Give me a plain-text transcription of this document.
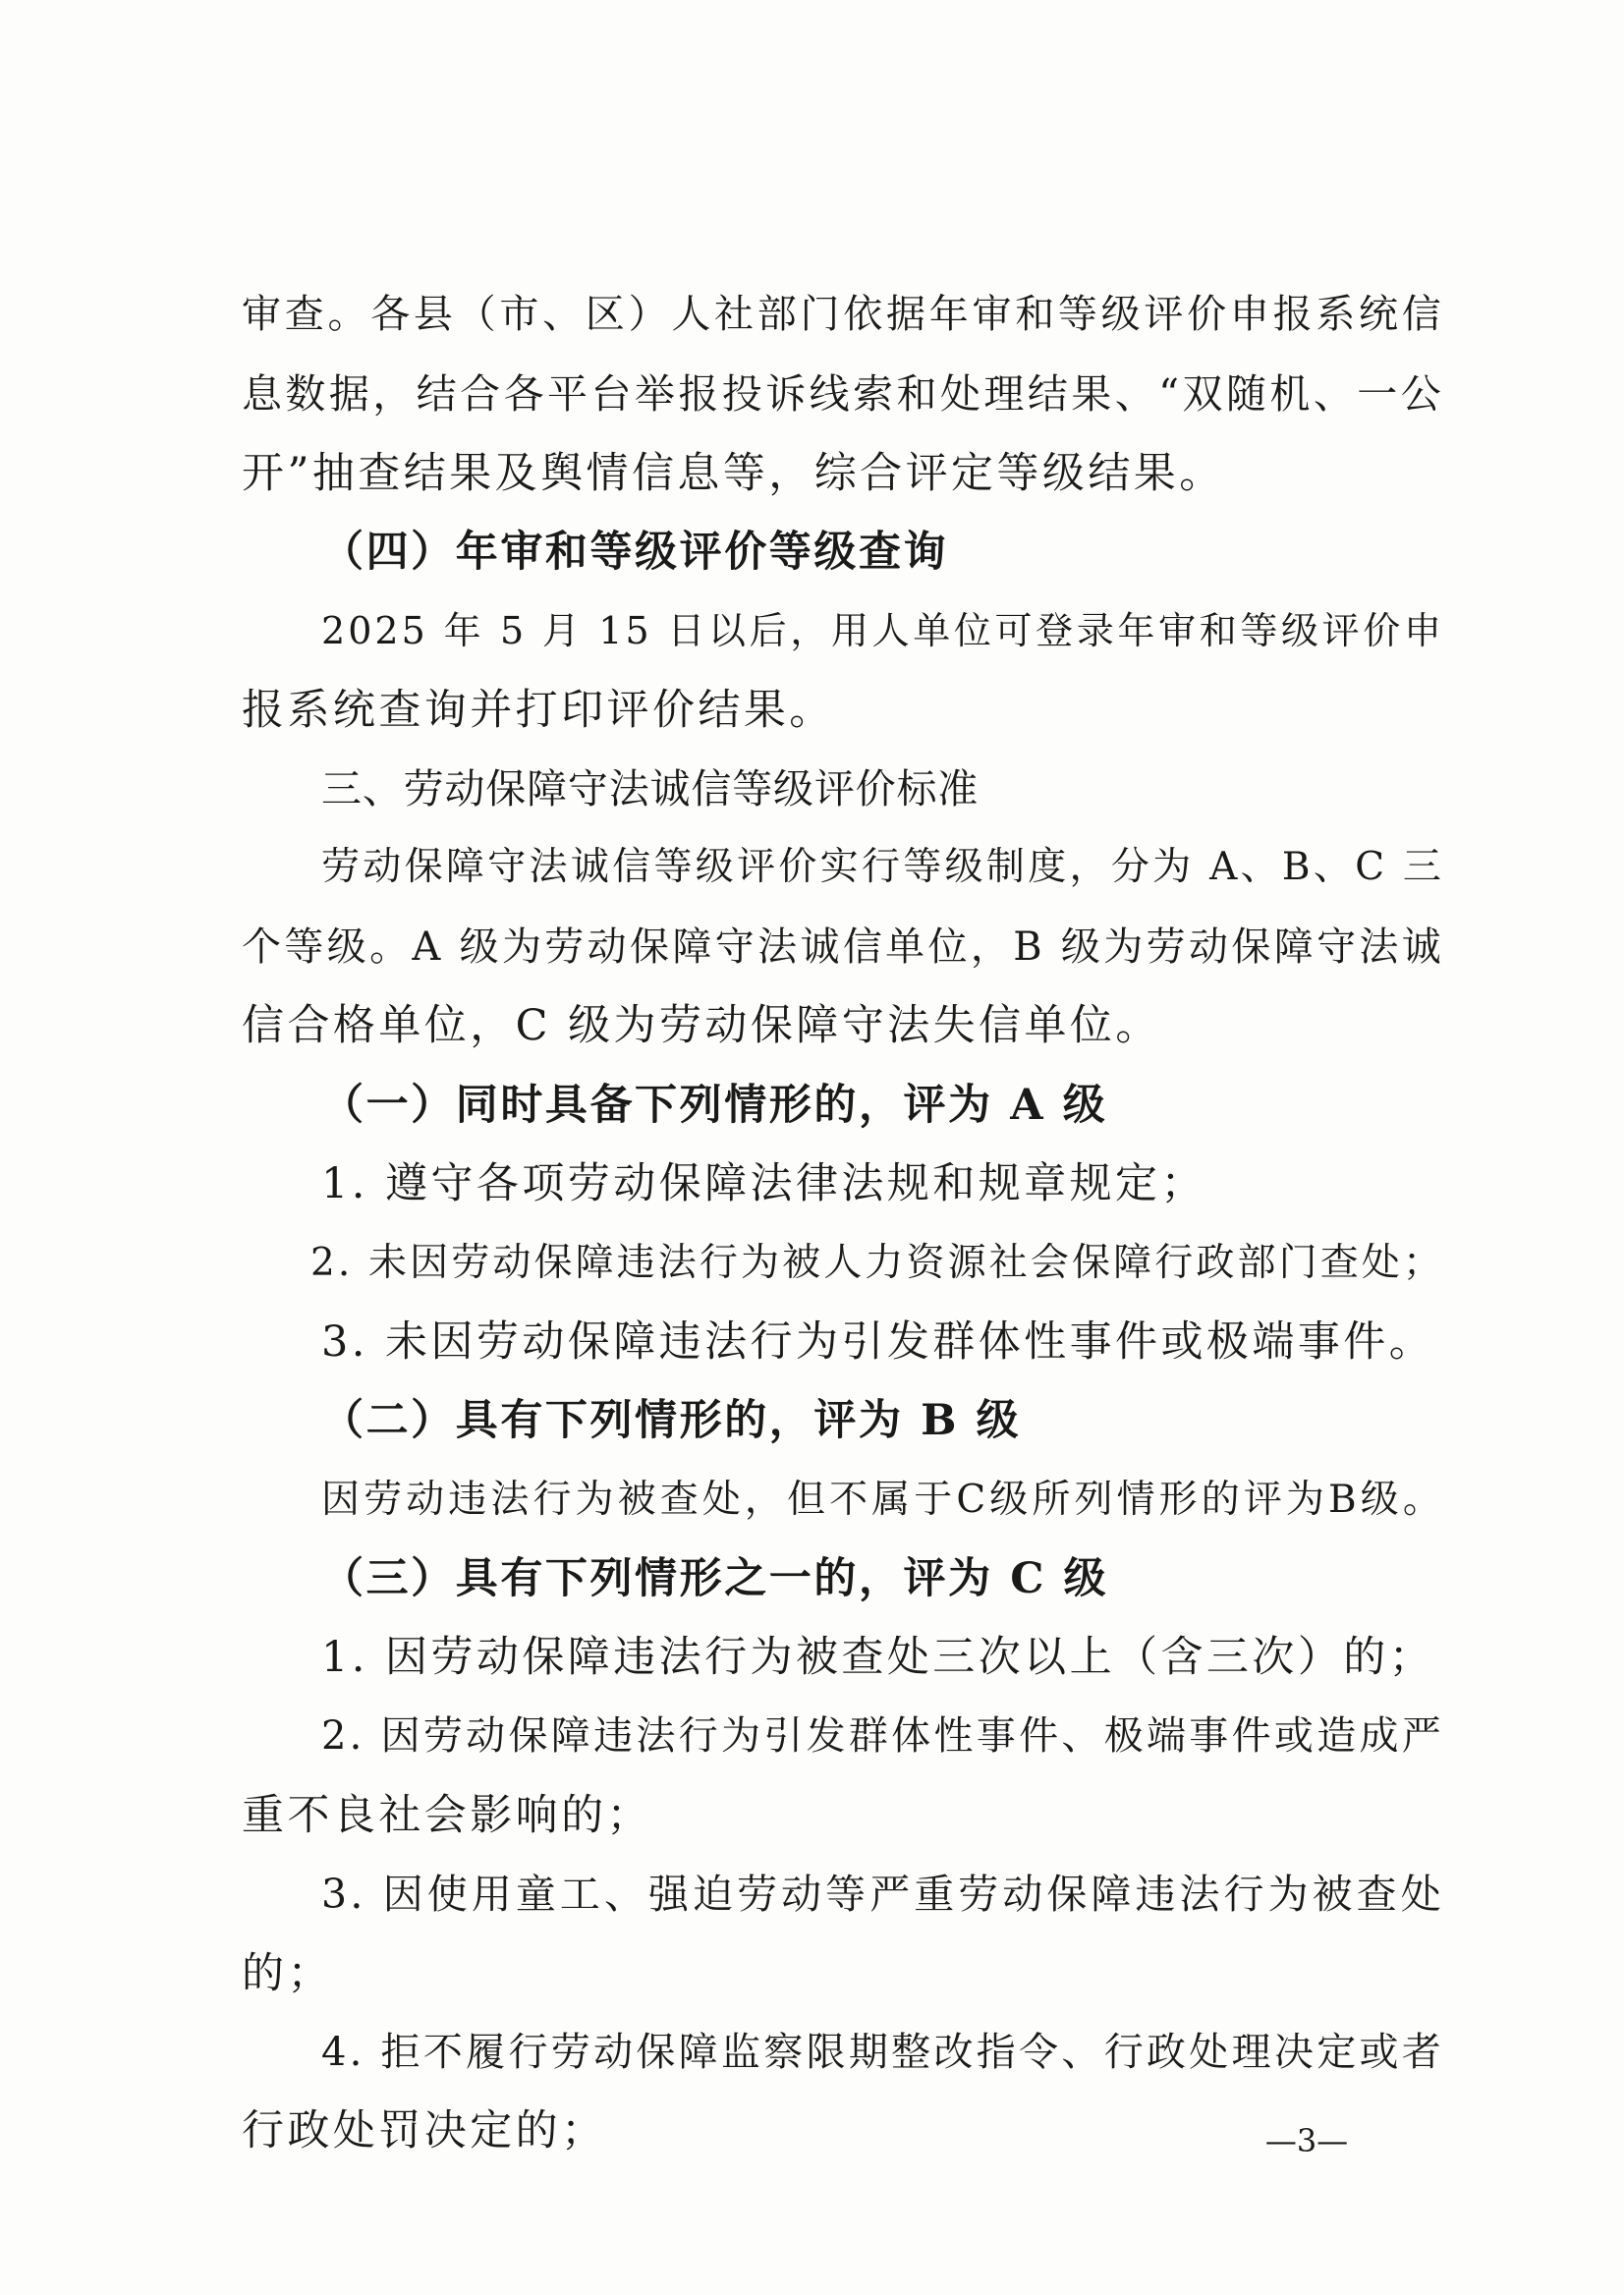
审查。各县（市、区）人社部门依据年审和等级评价申报系统信

息数据，结合各平台举报投诉线索和处理结果、“双随机、一公

开”抽查结果及舆情信息等，综合评定等级结果。

（四）年审和等级评价等级查询

2025 年 5 月 15 日以后，用人单位可登录年审和等级评价申

报系统查询并打印评价结果。

三、劳动保障守法诚信等级评价标准

劳动保障守法诚信等级评价实行等级制度，分为 A、B、C 三

个等级。A 级为劳动保障守法诚信单位，B 级为劳动保障守法诚

信合格单位，C 级为劳动保障守法失信单位。

（一）同时具备下列情形的，评为 A 级

1. 遵守各项劳动保障法律法规和规章规定；

2. 未因劳动保障违法行为被人力资源社会保障行政部门查处；

3. 未因劳动保障违法行为引发群体性事件或极端事件。

（二）具有下列情形的，评为 B 级

因劳动违法行为被查处，但不属于C级所列情形的评为B级。

（三）具有下列情形之一的，评为 C 级

1. 因劳动保障违法行为被查处三次以上（含三次）的；

2. 因劳动保障违法行为引发群体性事件、极端事件或造成严

重不良社会影响的；

3. 因使用童工、强迫劳动等严重劳动保障违法行为被查处

的；

4. 拒不履行劳动保障监察限期整改指令、行政处理决定或者

行政处罚决定的；	—3—
